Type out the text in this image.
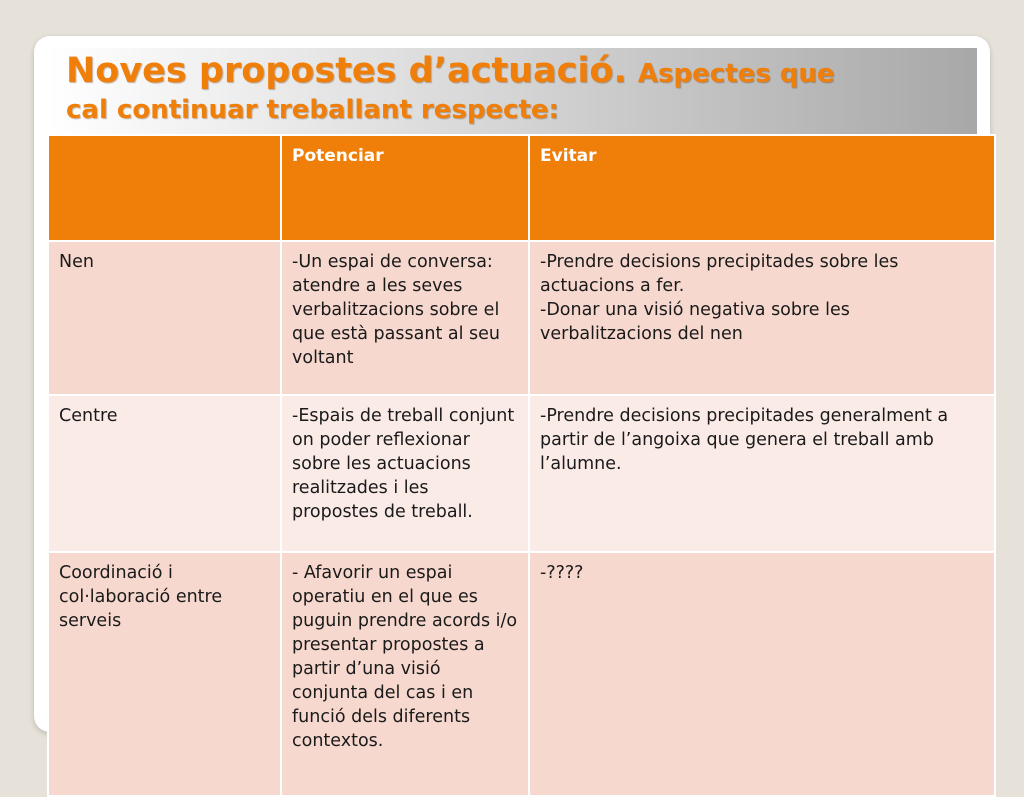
Noves propostes d’actuació. Aspectes que
cal continuar treballant respecte:
	Potenciar	Evitar
Nen	-Un espai de conversa: atendre a les seves verbalitzacions sobre el que està passant al seu voltant	-Prendre decisions precipitades sobre les actuacions a fer.
-Donar una visió negativa sobre les verbalitzacions del nen

Centre	-Espais de treball conjunt on poder reflexionar sobre les actuacions realitzades i les propostes de treball.	-Prendre decisions precipitades generalment a partir de l’angoixa que genera el treball amb l’alumne.

Coordinació i col·laboració entre serveis	- Afavorir un espai operatiu en el que es puguin prendre acords i/o presentar propostes a partir d’una visió conjunta del cas i en funció dels diferents contextos.	-????
